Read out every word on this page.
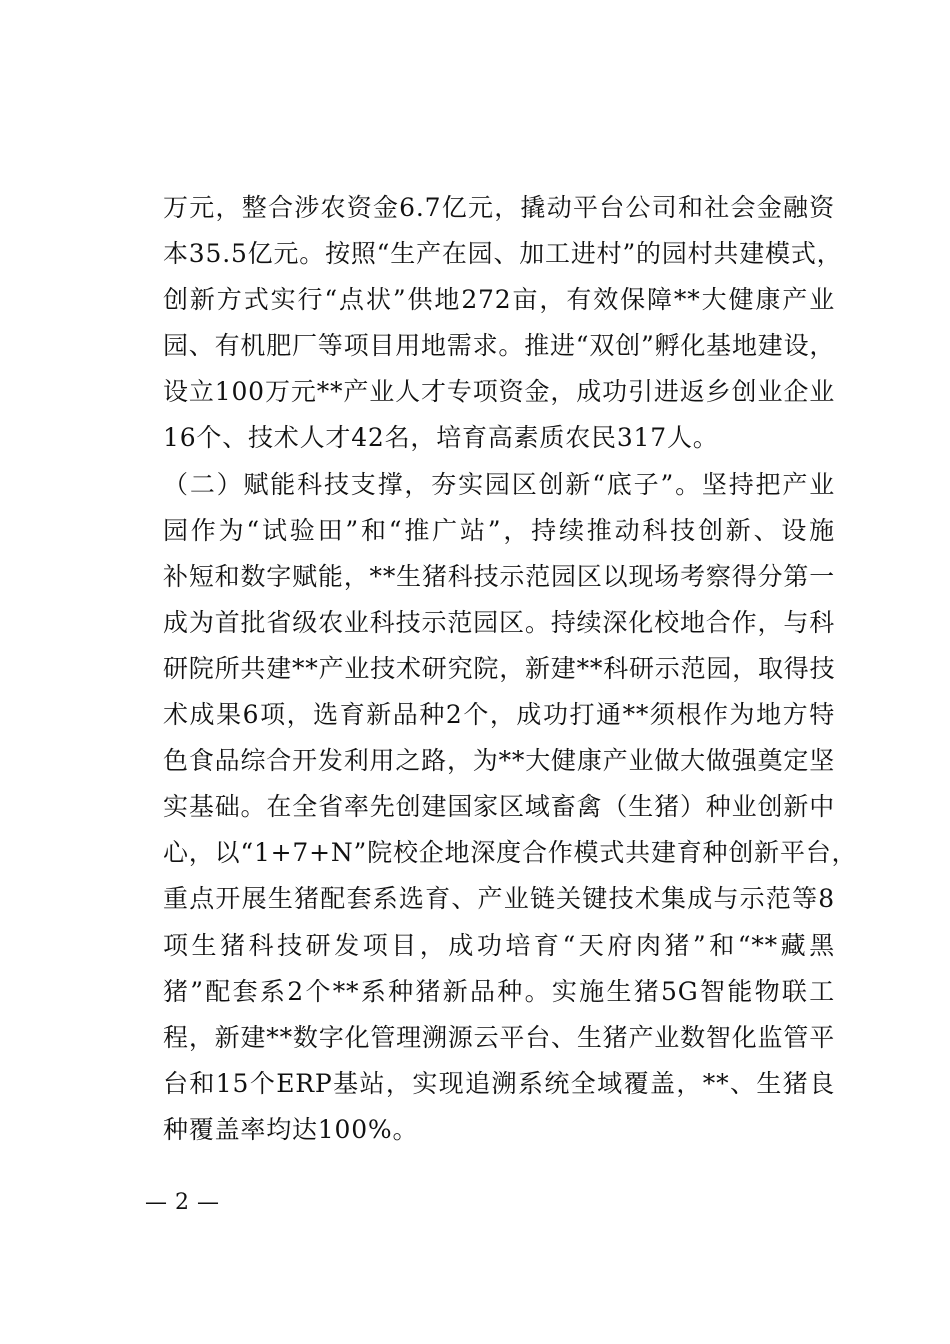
万元，整合涉农资金6.7亿元，撬动平台公司和社会金融资
本35.5亿元。按照“生产在园、加工进村”的园村共建模式，
创新方式实行“点状”供地272亩，有效保障**大健康产业
园、有机肥厂等项目用地需求。推进“双创”孵化基地建设，
设立100万元**产业人才专项资金，成功引进返乡创业企业
16个、技术人才42名，培育高素质农民317人。
（二）赋能科技支撑，夯实园区创新“底子”。坚持把产业
园作为“试验田”和“推广站”，持续推动科技创新、设施
补短和数字赋能，**生猪科技示范园区以现场考察得分第一
成为首批省级农业科技示范园区。持续深化校地合作，与科
研院所共建**产业技术研究院，新建**科研示范园，取得技
术成果6项，选育新品种2个，成功打通**须根作为地方特
色食品综合开发利用之路，为**大健康产业做大做强奠定坚
实基础。在全省率先创建国家区域畜禽（生猪）种业创新中
心，以“1+7+N”院校企地深度合作模式共建育种创新平台，
重点开展生猪配套系选育、产业链关键技术集成与示范等8
项生猪科技研发项目，成功培育“天府肉猪”和“**藏黑
猪”配套系2个**系种猪新品种。实施生猪5G智能物联工
程，新建**数字化管理溯源云平台、生猪产业数智化监管平
台和15个ERP基站，实现追溯系统全域覆盖，**、生猪良
种覆盖率均达100%。
— 2 —
